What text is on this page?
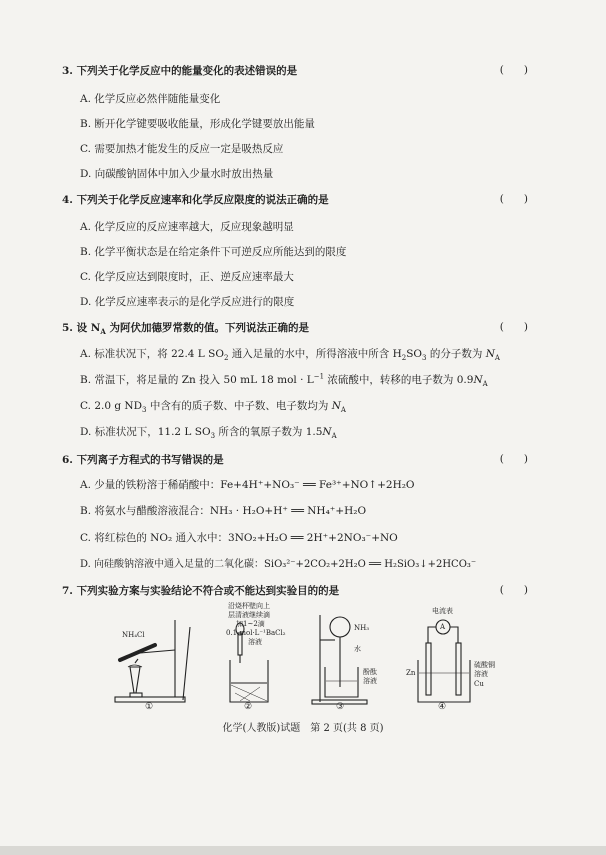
3. 下列关于化学反应中的能量变化的表述错误的是	(      )
A. 化学反应必然伴随能量变化
B. 断开化学键要吸收能量，形成化学键要放出能量
C. 需要加热才能发生的反应一定是吸热反应
D. 向碳酸钠固体中加入少量水时放出热量
4. 下列关于化学反应速率和化学反应限度的说法正确的是	(      )
A. 化学反应的反应速率越大，反应现象越明显
B. 化学平衡状态是在给定条件下可逆反应所能达到的限度
C. 化学反应达到限度时，正、逆反应速率最大
D. 化学反应速率表示的是化学反应进行的限度
5. 设 $N_A$ 为阿伏加德罗常数的值。下列说法正确的是	(      )
A. 标准状况下，将 22.4 L $SO_2$ 通入足量的水中，所得溶液中所含 $H_2SO_3$ 的分子数为 $N_A$
B. 常温下，将足量的 Zn 投入 50 mL 18 mol · $L^{-1}$ 浓硫酸中，转移的电子数为 $0.9N_A$
C. 2.0 g $ND_3$ 中含有的质子数、中子数、电子数均为 $N_A$
D. 标准状况下，11.2 L $SO_3$ 所含的氧原子数为 $1.5N_A$
6. 下列离子方程式的书写错误的是	(      )
A. 少量的铁粉溶于稀硝酸中：Fe+4H⁺+NO₃⁻ ══ Fe³⁺+NO↑+2H₂O
B. 将氨水与醋酸溶液混合：NH₃ · H₂O+H⁺ ══ NH₄⁺+H₂O
C. 将红棕色的 NO₂ 通入水中：3NO₂+H₂O ══ 2H⁺+2NO₃⁻+NO
D. 向硅酸钠溶液中通入足量的二氧化碳：SiO₃²⁻+2CO₂+2H₂O ══ H₂SiO₃↓+2HCO₃⁻
7. 下列实验方案与实验结论不符合或不能达到实验目的的是	(      )
NH₄Cl
沿烧杯壁向上
层清液继续滴
加1~2滴
0.1 mol·L⁻¹BaCl₂
溶液
NH₃
水
酚酞
溶液
电流表
A
Zn
硫酸铜
溶液
Cu
①	②	③	④
化学(人教版)试题　第 2 页(共 8 页)
